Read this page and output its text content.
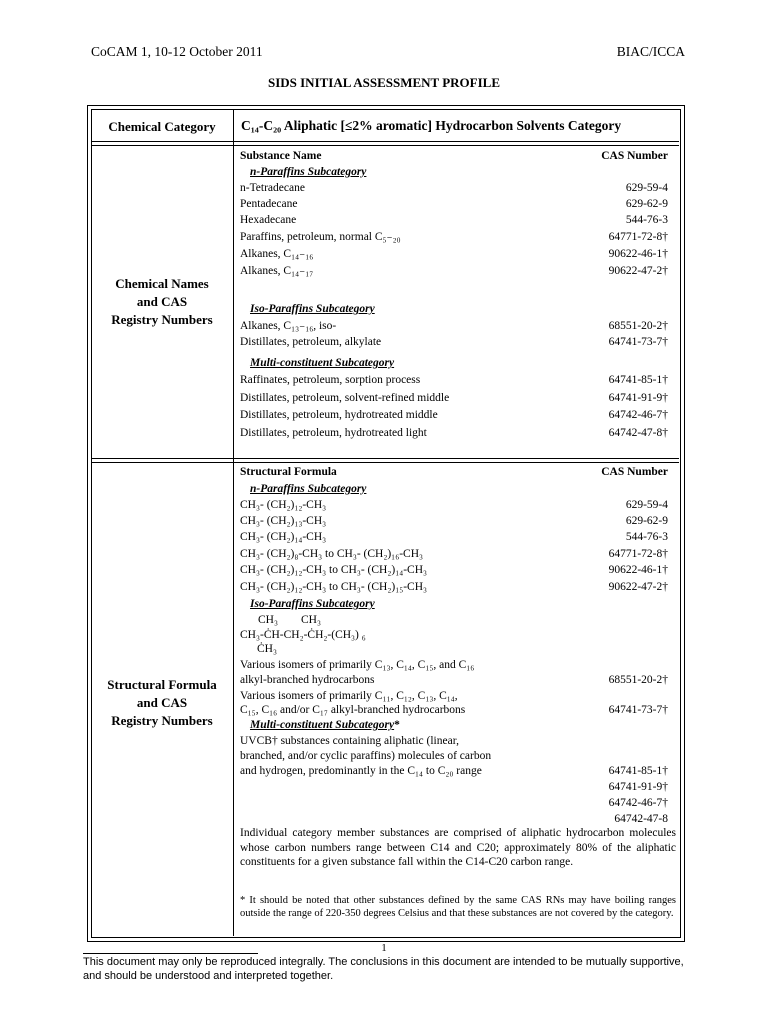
CoCAM 1, 10-12 October 2011	BIAC/ICCA
SIDS INITIAL ASSESSMENT PROFILE
Chemical Category	C₁₄-C₂₀ Aliphatic [≤2% aromatic] Hydrocarbon Solvents Category
Chemical Names
and CAS
Registry Numbers
Substance Name	CAS Number
n-Paraffins Subcategory
n-Tetradecane	629-59-4
Pentadecane	629-62-9
Hexadecane	544-76-3
Paraffins, petroleum, normal C₅₋₂₀	64771-72-8†
Alkanes, C₁₄₋₁₆	90622-46-1†
Alkanes, C₁₄₋₁₇	90622-47-2†
Iso-Paraffins Subcategory
Alkanes, C₁₃₋₁₆, iso-	68551-20-2†
Distillates, petroleum, alkylate	64741-73-7†
Multi-constituent Subcategory
Raffinates, petroleum, sorption process	64741-85-1†
Distillates, petroleum, solvent-refined middle	64741-91-9†
Distillates, petroleum, hydrotreated middle	64742-46-7†
Distillates, petroleum, hydrotreated light	64742-47-8†
Structural Formula
and CAS
Registry Numbers
Structural Formula	CAS Number
n-Paraffins Subcategory
CH₃- (CH₂)₁₂-CH₃	629-59-4
CH₃- (CH₂)₁₃-CH₃	629-62-9
CH₃- (CH₂)₁₄-CH₃	544-76-3
CH₃- (CH₂)₈-CH₃ to CH₃- (CH₂)₁₆-CH₃	64771-72-8†
CH₃- (CH₂)₁₂-CH₃ to CH₃- (CH₂)₁₄-CH₃	90622-46-1†
CH₃- (CH₂)₁₂-CH₃ to CH₃- (CH₂)₁₅-CH₃	90622-47-2†
Iso-Paraffins Subcategory
CH₃        CH₃
CH₃-ĊH-CH₂-ĊH₂-(CH₃) ₆
ĊH₃
Various isomers of primarily C₁₃, C₁₄, C₁₅, and C₁₆
alkyl-branched hydrocarbons	68551-20-2†
Various isomers of primarily C₁₁, C₁₂, C₁₃, C₁₄,
C₁₅, C₁₆ and/or C₁₇ alkyl-branched hydrocarbons	64741-73-7†
Multi-constituent Subcategory*
UVCB† substances containing aliphatic (linear,
branched, and/or cyclic paraffins) molecules of carbon
and hydrogen, predominantly in the C₁₄ to C₂₀ range	64741-85-1†
64741-91-9†
64742-46-7†
64742-47-8
Individual category member substances are comprised of aliphatic hydrocarbon molecules whose carbon numbers range between C14 and C20; approximately 80% of the aliphatic constituents for a given substance fall within the C14-C20 carbon range.
* It should be noted that other substances defined by the same CAS RNs may have boiling ranges outside the range of 220-350 degrees Celsius and that these substances are not covered by the category.
1
This document may only be reproduced integrally. The conclusions in this document are intended to be mutually supportive, and should be understood and interpreted together.
